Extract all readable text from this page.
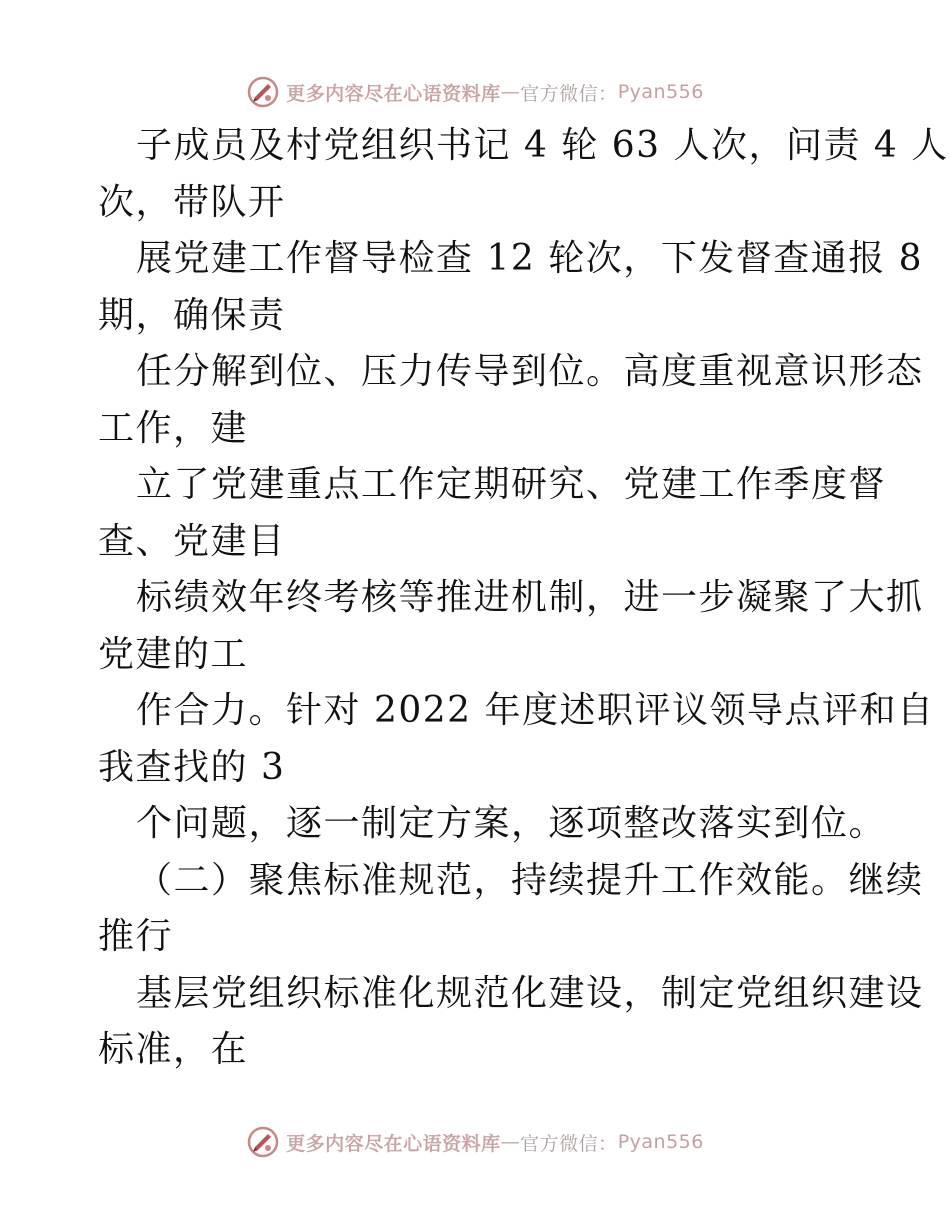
更多内容尽在心语资料库 — 官方微信： Pyan556
子成员及村党组织书记 4 轮 63 人次，问责 4 人
次，带队开
展党建工作督导检查 12 轮次，下发督查通报 8
期，确保责
任分解到位、压力传导到位。高度重视意识形态
工作，建
立了党建重点工作定期研究、党建工作季度督
查、党建目
标绩效年终考核等推进机制，进一步凝聚了大抓
党建的工
作合力。针对 2022 年度述职评议领导点评和自
我查找的 3
个问题，逐一制定方案，逐项整改落实到位。
（二）聚焦标准规范，持续提升工作效能。继续
推行
基层党组织标准化规范化建设，制定党组织建设
标准，在
更多内容尽在心语资料库 — 官方微信： Pyan556
